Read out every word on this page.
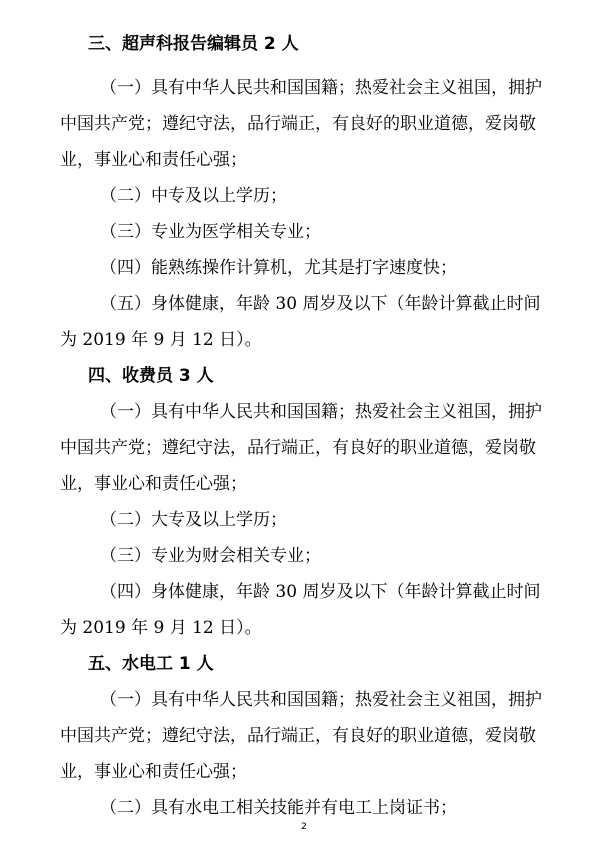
三、超声科报告编辑员 2 人
（一）具有中华人民共和国国籍；热爱社会主义祖国，拥护
中国共产党；遵纪守法，品行端正，有良好的职业道德，爱岗敬
业，事业心和责任心强；
（二）中专及以上学历；
（三）专业为医学相关专业；
（四）能熟练操作计算机，尤其是打字速度快；
（五）身体健康，年龄 30 周岁及以下（年龄计算截止时间
为 2019 年 9 月 12 日）。
四、收费员 3 人
（一）具有中华人民共和国国籍；热爱社会主义祖国，拥护
中国共产党；遵纪守法，品行端正，有良好的职业道德，爱岗敬
业，事业心和责任心强；
（二）大专及以上学历；
（三）专业为财会相关专业；
（四）身体健康，年龄 30 周岁及以下（年龄计算截止时间
为 2019 年 9 月 12 日）。
五、水电工 1 人
（一）具有中华人民共和国国籍；热爱社会主义祖国，拥护
中国共产党；遵纪守法，品行端正，有良好的职业道德，爱岗敬
业，事业心和责任心强；
（二）具有水电工相关技能并有电工上岗证书；
2
